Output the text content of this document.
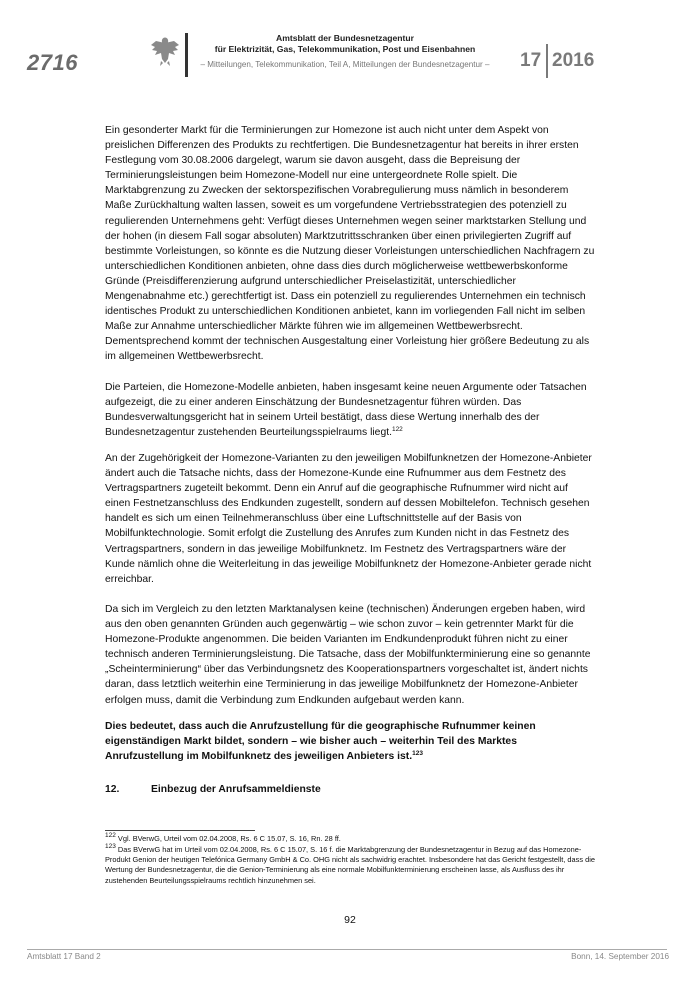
2716
Amtsblatt der Bundesnetzagentur
für Elektrizität, Gas, Telekommunikation, Post und Eisenbahnen
– Mitteilungen, Telekommunikation, Teil A, Mitteilungen der Bundesnetzagentur –	17 2016

Ein gesonderter Markt für die Terminierungen zur Homezone ist auch nicht unter dem Aspekt von preislichen Differenzen des Produkts zu rechtfertigen. Die Bundesnetzagentur hat bereits in ihrer ersten Festlegung vom 30.08.2006 dargelegt, warum sie davon ausgeht, dass die Bepreisung der Terminierungsleistungen beim Homezone-Modell nur eine untergeordnete Rolle spielt. Die Marktabgrenzung zu Zwecken der sektorspezifischen Vorabregulierung muss nämlich in besonderem Maße Zurückhaltung walten lassen, soweit es um vorgefundene Vertriebsstrategien des potenziell zu regulierenden Unternehmens geht: Verfügt dieses Unternehmen wegen seiner marktstarken Stellung und der hohen (in diesem Fall sogar absoluten) Marktzutrittsschranken über einen privilegierten Zugriff auf bestimmte Vorleistungen, so könnte es die Nutzung dieser Vorleistungen unterschiedlichen Nachfragern zu unterschiedlichen Konditionen anbieten, ohne dass dies durch möglicherweise wettbewerbskonforme Gründe (Preisdifferenzierung aufgrund unterschiedlicher Preiselastizität, unterschiedlicher Mengenabnahme etc.) gerechtfertigt ist. Dass ein potenziell zu regulierendes Unternehmen ein technisch identisches Produkt zu unterschiedlichen Konditionen anbietet, kann im vorliegenden Fall nicht im selben Maße zur Annahme unterschiedlicher Märkte führen wie im allgemeinen Wettbewerbsrecht. Dementsprechend kommt der technischen Ausgestaltung einer Vorleistung hier größere Bedeutung zu als im allgemeinen Wettbewerbsrecht.

Die Parteien, die Homezone-Modelle anbieten, haben insgesamt keine neuen Argumente oder Tatsachen aufgezeigt, die zu einer anderen Einschätzung der Bundesnetzagentur führen würden. Das Bundesverwaltungsgericht hat in seinem Urteil bestätigt, dass diese Wertung innerhalb des der Bundesnetzagentur zustehenden Beurteilungsspielraums liegt.$^{122}$

An der Zugehörigkeit der Homezone-Varianten zu den jeweiligen Mobilfunknetzen der Homezone-Anbieter ändert auch die Tatsache nichts, dass der Homezone-Kunde eine Rufnummer aus dem Festnetz des Vertragspartners zugeteilt bekommt. Denn ein Anruf auf die geographische Rufnummer wird nicht auf einen Festnetzanschluss des Endkunden zugestellt, sondern auf dessen Mobiltelefon. Technisch gesehen handelt es sich um einen Teilnehmeranschluss über eine Luftschnittstelle auf der Basis von Mobilfunktechnologie. Somit erfolgt die Zustellung des Anrufes zum Kunden nicht in das Festnetz des Vertragspartners, sondern in das jeweilige Mobilfunknetz. Im Festnetz des Vertragspartners wäre der Kunde nämlich ohne die Weiterleitung in das jeweilige Mobilfunknetz der Homezone-Anbieter gerade nicht erreichbar.

Da sich im Vergleich zu den letzten Marktanalysen keine (technischen) Änderungen ergeben haben, wird aus den oben genannten Gründen auch gegenwärtig – wie schon zuvor – kein getrennter Markt für die Homezone-Produkte angenommen. Die beiden Varianten im Endkundenprodukt führen nicht zu einer technisch anderen Terminierungsleistung. Die Tatsache, dass der Mobilfunkterminierung eine so genannte „Scheinterminierung“ über das Verbindungsnetz des Kooperationspartners vorgeschaltet ist, ändert nichts daran, dass letztlich weiterhin eine Terminierung in das jeweilige Mobilfunknetz der Homezone-Anbieter erfolgen muss, damit die Verbindung zum Endkunden aufgebaut werden kann.

Dies bedeutet, dass auch die Anrufzustellung für die geographische Rufnummer keinen eigenständigen Markt bildet, sondern – wie bisher auch – weiterhin Teil des Marktes Anrufzustellung im Mobilfunknetz des jeweiligen Anbieters ist.$^{123}$

12.	Einbezug der Anrufsammeldienste

$^{122}$ Vgl. BVerwG, Urteil vom 02.04.2008, Rs. 6 C 15.07, S. 16, Rn. 28 ff.

$^{123}$ Das BVerwG hat im Urteil vom 02.04.2008, Rs. 6 C 15.07, S. 16 f. die Marktabgrenzung der Bundesnetzagentur in Bezug auf das Homezone-Produkt Genion der heutigen Telefónica Germany GmbH & Co. OHG nicht als sachwidrig erachtet. Insbesondere hat das Gericht festgestellt, dass die Wertung der Bundesnetzagentur, die die Genion-Terminierung als eine normale Mobilfunkterminierung erscheinen lasse, als Ausfluss des ihr zustehenden Beurteilungsspielraums rechtlich hinzunehmen sei.

92
Amtsblatt 17 Band 2	Bonn, 14. September 2016
